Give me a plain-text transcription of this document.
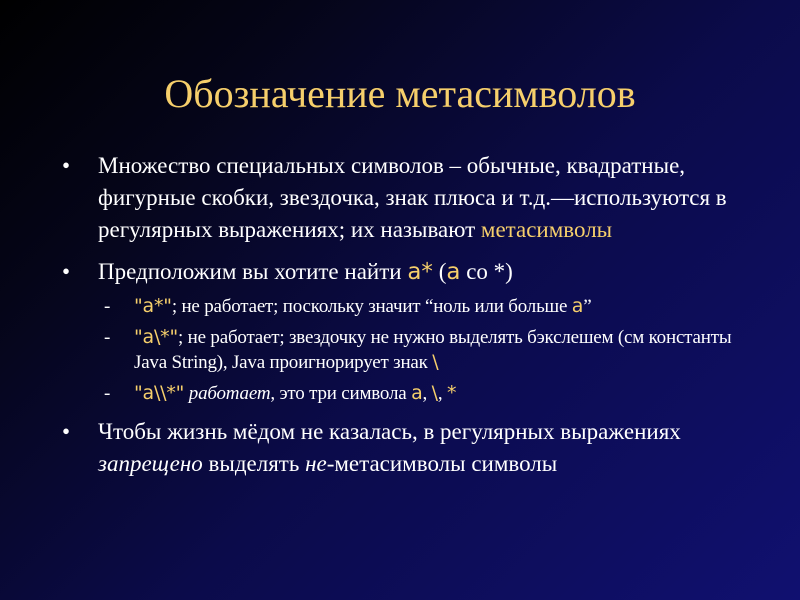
Обозначение метасимволов
• Множество специальных символов – обычные, квадратные, фигурные скобки, звездочка, знак плюса и т.д.—используются в регулярных выражениях; их называют метасимволы
• Предположим вы хотите найти a* (a со *)
- "a*"; не работает; поскольку значит “ноль или больше a”
- "a\*"; не работает; звездочку не нужно выделять бэкслешем (см константы Java String), Java проигнорирует знак \
- "a\\*" работает, это три символа a, \, *
• Чтобы жизнь мёдом не казалась, в регулярных выражениях запрещено выделять не-метасимволы символы
